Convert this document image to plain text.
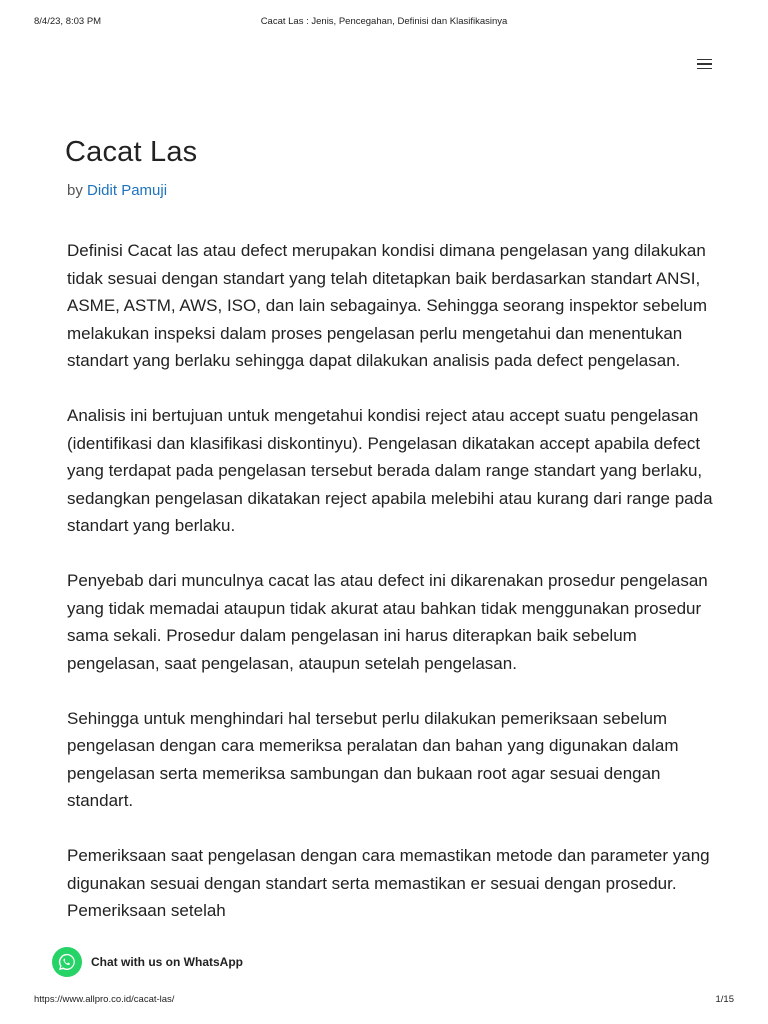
8/4/23, 8:03 PM	Cacat Las : Jenis, Pencegahan, Definisi dan Klasifikasinya
Cacat Las
by Didit Pamuji

Definisi Cacat las atau defect merupakan kondisi dimana pengelasan yang dilakukan tidak sesuai dengan standart yang telah ditetapkan baik berdasarkan standart ANSI, ASME, ASTM, AWS, ISO, dan lain sebagainya. Sehingga seorang inspektor sebelum melakukan inspeksi dalam proses pengelasan perlu mengetahui dan menentukan standart yang berlaku sehingga dapat dilakukan analisis pada defect pengelasan.

Analisis ini bertujuan untuk mengetahui kondisi reject atau accept suatu pengelasan (identifikasi dan klasifikasi diskontinyu). Pengelasan dikatakan accept apabila defect yang terdapat pada pengelasan tersebut berada dalam range standart yang berlaku, sedangkan pengelasan dikatakan reject apabila melebihi atau kurang dari range pada standart yang berlaku.

Penyebab dari munculnya cacat las atau defect ini dikarenakan prosedur pengelasan yang tidak memadai ataupun tidak akurat atau bahkan tidak menggunakan prosedur sama sekali. Prosedur dalam pengelasan ini harus diterapkan baik sebelum pengelasan, saat pengelasan, ataupun setelah pengelasan.

Sehingga untuk menghindari hal tersebut perlu dilakukan pemeriksaan sebelum pengelasan dengan cara memeriksa peralatan dan bahan yang digunakan dalam pengelasan serta memeriksa sambungan dan bukaan root agar sesuai dengan standart.

Pemeriksaan saat pengelasan dengan cara memastikan metode dan parameter yang digunakan sesuai dengan standart serta memastikan er sesuai dengan prosedur. Pemeriksaan setelah

Chat with us on WhatsApp
https://www.allpro.co.id/cacat-las/	1/15
